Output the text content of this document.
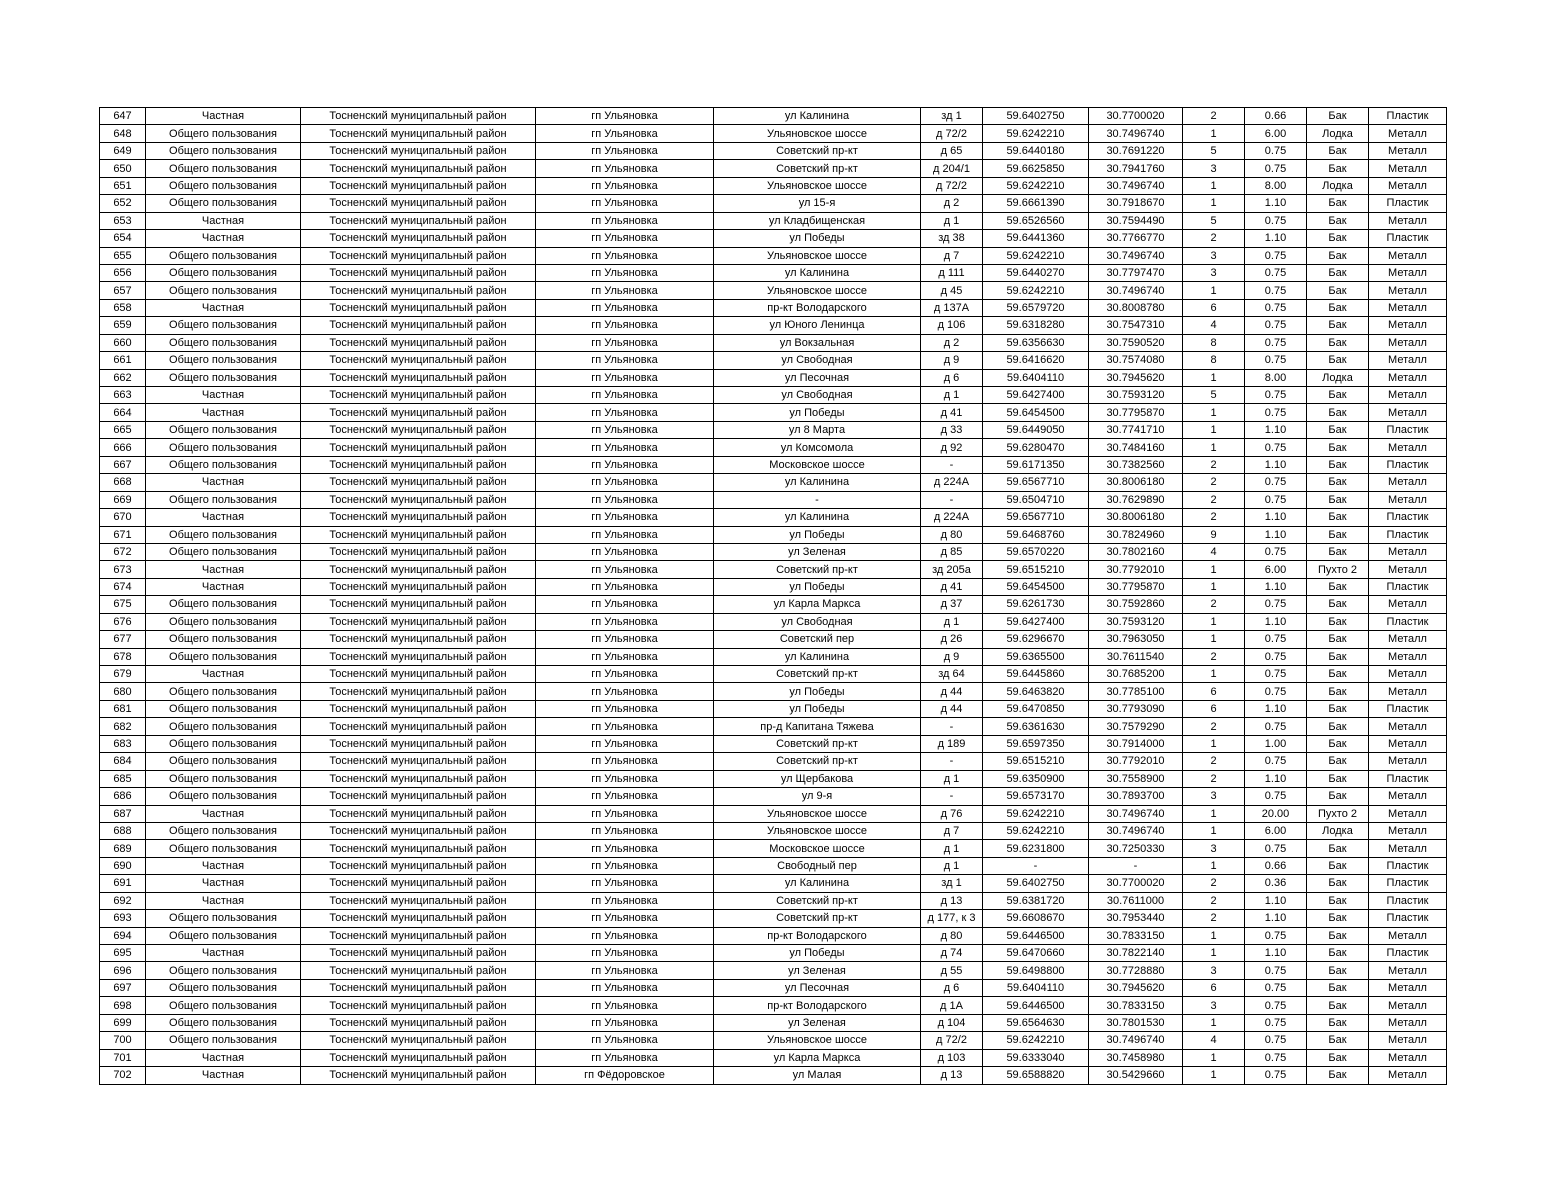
647	Частная	Тосненский муниципальный район	гп Ульяновка	ул Калинина	зд 1	59.6402750	30.7700020	2	0.66	Бак	Пластик
648	Общего пользования	Тосненский муниципальный район	гп Ульяновка	Ульяновское шоссе	д 72/2	59.6242210	30.7496740	1	6.00	Лодка	Металл
649	Общего пользования	Тосненский муниципальный район	гп Ульяновка	Советский пр-кт	д 65	59.6440180	30.7691220	5	0.75	Бак	Металл
650	Общего пользования	Тосненский муниципальный район	гп Ульяновка	Советский пр-кт	д 204/1	59.6625850	30.7941760	3	0.75	Бак	Металл
651	Общего пользования	Тосненский муниципальный район	гп Ульяновка	Ульяновское шоссе	д 72/2	59.6242210	30.7496740	1	8.00	Лодка	Металл
652	Общего пользования	Тосненский муниципальный район	гп Ульяновка	ул 15-я	д 2	59.6661390	30.7918670	1	1.10	Бак	Пластик
653	Частная	Тосненский муниципальный район	гп Ульяновка	ул Кладбищенская	д 1	59.6526560	30.7594490	5	0.75	Бак	Металл
654	Частная	Тосненский муниципальный район	гп Ульяновка	ул Победы	зд 38	59.6441360	30.7766770	2	1.10	Бак	Пластик
655	Общего пользования	Тосненский муниципальный район	гп Ульяновка	Ульяновское шоссе	д 7	59.6242210	30.7496740	3	0.75	Бак	Металл
656	Общего пользования	Тосненский муниципальный район	гп Ульяновка	ул Калинина	д 111	59.6440270	30.7797470	3	0.75	Бак	Металл
657	Общего пользования	Тосненский муниципальный район	гп Ульяновка	Ульяновское шоссе	д 45	59.6242210	30.7496740	1	0.75	Бак	Металл
658	Частная	Тосненский муниципальный район	гп Ульяновка	пр-кт Володарского	д 137А	59.6579720	30.8008780	6	0.75	Бак	Металл
659	Общего пользования	Тосненский муниципальный район	гп Ульяновка	ул Юного Ленинца	д 106	59.6318280	30.7547310	4	0.75	Бак	Металл
660	Общего пользования	Тосненский муниципальный район	гп Ульяновка	ул Вокзальная	д 2	59.6356630	30.7590520	8	0.75	Бак	Металл
661	Общего пользования	Тосненский муниципальный район	гп Ульяновка	ул Свободная	д 9	59.6416620	30.7574080	8	0.75	Бак	Металл
662	Общего пользования	Тосненский муниципальный район	гп Ульяновка	ул Песочная	д 6	59.6404110	30.7945620	1	8.00	Лодка	Металл
663	Частная	Тосненский муниципальный район	гп Ульяновка	ул Свободная	д 1	59.6427400	30.7593120	5	0.75	Бак	Металл
664	Частная	Тосненский муниципальный район	гп Ульяновка	ул Победы	д 41	59.6454500	30.7795870	1	0.75	Бак	Металл
665	Общего пользования	Тосненский муниципальный район	гп Ульяновка	ул 8 Марта	д 33	59.6449050	30.7741710	1	1.10	Бак	Пластик
666	Общего пользования	Тосненский муниципальный район	гп Ульяновка	ул Комсомола	д 92	59.6280470	30.7484160	1	0.75	Бак	Металл
667	Общего пользования	Тосненский муниципальный район	гп Ульяновка	Московское шоссе	-	59.6171350	30.7382560	2	1.10	Бак	Пластик
668	Частная	Тосненский муниципальный район	гп Ульяновка	ул Калинина	д 224А	59.6567710	30.8006180	2	0.75	Бак	Металл
669	Общего пользования	Тосненский муниципальный район	гп Ульяновка	-	-	59.6504710	30.7629890	2	0.75	Бак	Металл
670	Частная	Тосненский муниципальный район	гп Ульяновка	ул Калинина	д 224А	59.6567710	30.8006180	2	1.10	Бак	Пластик
671	Общего пользования	Тосненский муниципальный район	гп Ульяновка	ул Победы	д 80	59.6468760	30.7824960	9	1.10	Бак	Пластик
672	Общего пользования	Тосненский муниципальный район	гп Ульяновка	ул Зеленая	д 85	59.6570220	30.7802160	4	0.75	Бак	Металл
673	Частная	Тосненский муниципальный район	гп Ульяновка	Советский пр-кт	зд 205а	59.6515210	30.7792010	1	6.00	Пухто 2	Металл
674	Частная	Тосненский муниципальный район	гп Ульяновка	ул Победы	д 41	59.6454500	30.7795870	1	1.10	Бак	Пластик
675	Общего пользования	Тосненский муниципальный район	гп Ульяновка	ул Карла Маркса	д 37	59.6261730	30.7592860	2	0.75	Бак	Металл
676	Общего пользования	Тосненский муниципальный район	гп Ульяновка	ул Свободная	д 1	59.6427400	30.7593120	1	1.10	Бак	Пластик
677	Общего пользования	Тосненский муниципальный район	гп Ульяновка	Советский пер	д 26	59.6296670	30.7963050	1	0.75	Бак	Металл
678	Общего пользования	Тосненский муниципальный район	гп Ульяновка	ул Калинина	д 9	59.6365500	30.7611540	2	0.75	Бак	Металл
679	Частная	Тосненский муниципальный район	гп Ульяновка	Советский пр-кт	зд 64	59.6445860	30.7685200	1	0.75	Бак	Металл
680	Общего пользования	Тосненский муниципальный район	гп Ульяновка	ул Победы	д 44	59.6463820	30.7785100	6	0.75	Бак	Металл
681	Общего пользования	Тосненский муниципальный район	гп Ульяновка	ул Победы	д 44	59.6470850	30.7793090	6	1.10	Бак	Пластик
682	Общего пользования	Тосненский муниципальный район	гп Ульяновка	пр-д Капитана Тяжева	-	59.6361630	30.7579290	2	0.75	Бак	Металл
683	Общего пользования	Тосненский муниципальный район	гп Ульяновка	Советский пр-кт	д 189	59.6597350	30.7914000	1	1.00	Бак	Металл
684	Общего пользования	Тосненский муниципальный район	гп Ульяновка	Советский пр-кт	-	59.6515210	30.7792010	2	0.75	Бак	Металл
685	Общего пользования	Тосненский муниципальный район	гп Ульяновка	ул Щербакова	д 1	59.6350900	30.7558900	2	1.10	Бак	Пластик
686	Общего пользования	Тосненский муниципальный район	гп Ульяновка	ул 9-я	-	59.6573170	30.7893700	3	0.75	Бак	Металл
687	Частная	Тосненский муниципальный район	гп Ульяновка	Ульяновское шоссе	д 76	59.6242210	30.7496740	1	20.00	Пухто 2	Металл
688	Общего пользования	Тосненский муниципальный район	гп Ульяновка	Ульяновское шоссе	д 7	59.6242210	30.7496740	1	6.00	Лодка	Металл
689	Общего пользования	Тосненский муниципальный район	гп Ульяновка	Московское шоссе	д 1	59.6231800	30.7250330	3	0.75	Бак	Металл
690	Частная	Тосненский муниципальный район	гп Ульяновка	Свободный пер	д 1	-	-	1	0.66	Бак	Пластик
691	Частная	Тосненский муниципальный район	гп Ульяновка	ул Калинина	зд 1	59.6402750	30.7700020	2	0.36	Бак	Пластик
692	Частная	Тосненский муниципальный район	гп Ульяновка	Советский пр-кт	д 13	59.6381720	30.7611000	2	1.10	Бак	Пластик
693	Общего пользования	Тосненский муниципальный район	гп Ульяновка	Советский пр-кт	д 177, к 3	59.6608670	30.7953440	2	1.10	Бак	Пластик
694	Общего пользования	Тосненский муниципальный район	гп Ульяновка	пр-кт Володарского	д 80	59.6446500	30.7833150	1	0.75	Бак	Металл
695	Частная	Тосненский муниципальный район	гп Ульяновка	ул Победы	д 74	59.6470660	30.7822140	1	1.10	Бак	Пластик
696	Общего пользования	Тосненский муниципальный район	гп Ульяновка	ул Зеленая	д 55	59.6498800	30.7728880	3	0.75	Бак	Металл
697	Общего пользования	Тосненский муниципальный район	гп Ульяновка	ул Песочная	д 6	59.6404110	30.7945620	6	0.75	Бак	Металл
698	Общего пользования	Тосненский муниципальный район	гп Ульяновка	пр-кт Володарского	д 1А	59.6446500	30.7833150	3	0.75	Бак	Металл
699	Общего пользования	Тосненский муниципальный район	гп Ульяновка	ул Зеленая	д 104	59.6564630	30.7801530	1	0.75	Бак	Металл
700	Общего пользования	Тосненский муниципальный район	гп Ульяновка	Ульяновское шоссе	д 72/2	59.6242210	30.7496740	4	0.75	Бак	Металл
701	Частная	Тосненский муниципальный район	гп Ульяновка	ул Карла Маркса	д 103	59.6333040	30.7458980	1	0.75	Бак	Металл
702	Частная	Тосненский муниципальный район	гп Фёдоровское	ул Малая	д 13	59.6588820	30.5429660	1	0.75	Бак	Металл
